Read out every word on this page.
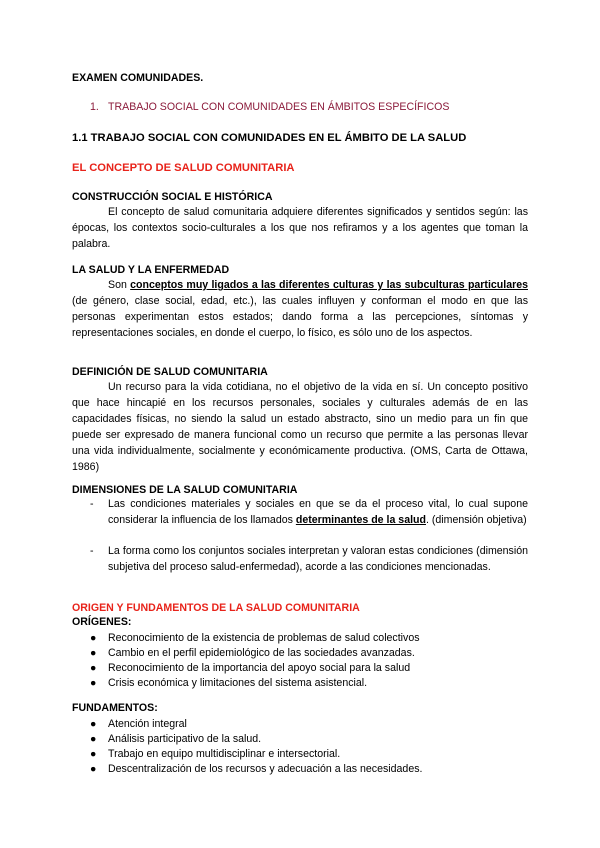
EXAMEN COMUNIDADES.
1. TRABAJO SOCIAL CON COMUNIDADES EN ÁMBITOS ESPECÍFICOS
1.1 TRABAJO SOCIAL CON COMUNIDADES EN EL ÁMBITO DE LA SALUD
EL CONCEPTO DE SALUD COMUNITARIA
CONSTRUCCIÓN SOCIAL E HISTÓRICA
El concepto de salud comunitaria adquiere diferentes significados y sentidos según: las épocas, los contextos socio-culturales a los que nos refiramos y a los agentes que toman la palabra.
LA SALUD Y LA ENFERMEDAD
Son conceptos muy ligados a las diferentes culturas y las subculturas particulares (de género, clase social, edad, etc.), las cuales influyen y conforman el modo en que las personas experimentan estos estados; dando forma a las percepciones, síntomas y representaciones sociales, en donde el cuerpo, lo físico, es sólo uno de los aspectos.
DEFINICIÓN DE SALUD COMUNITARIA
Un recurso para la vida cotidiana, no el objetivo de la vida en sí. Un concepto positivo que hace hincapié en los recursos personales, sociales y culturales además de en las capacidades físicas, no siendo la salud un estado abstracto, sino un medio para un fin que puede ser expresado de manera funcional como un recurso que permite a las personas llevar una vida individualmente, socialmente y económicamente productiva. (OMS, Carta de Ottawa, 1986)
DIMENSIONES DE LA SALUD COMUNITARIA
- Las condiciones materiales y sociales en que se da el proceso vital, lo cual supone considerar la influencia de los llamados determinantes de la salud. (dimensión objetiva)
- La forma como los conjuntos sociales interpretan y valoran estas condiciones (dimensión subjetiva del proceso salud-enfermedad), acorde a las condiciones mencionadas.
ORIGEN Y FUNDAMENTOS DE LA SALUD COMUNITARIA
ORÍGENES:
● Reconocimiento de la existencia de problemas de salud colectivos
● Cambio en el perfil epidemiológico de las sociedades avanzadas.
● Reconocimiento de la importancia del apoyo social para la salud
● Crisis económica y limitaciones del sistema asistencial.
FUNDAMENTOS:
● Atención integral
● Análisis participativo de la salud.
● Trabajo en equipo multidisciplinar e intersectorial.
● Descentralización de los recursos y adecuación a las necesidades.
